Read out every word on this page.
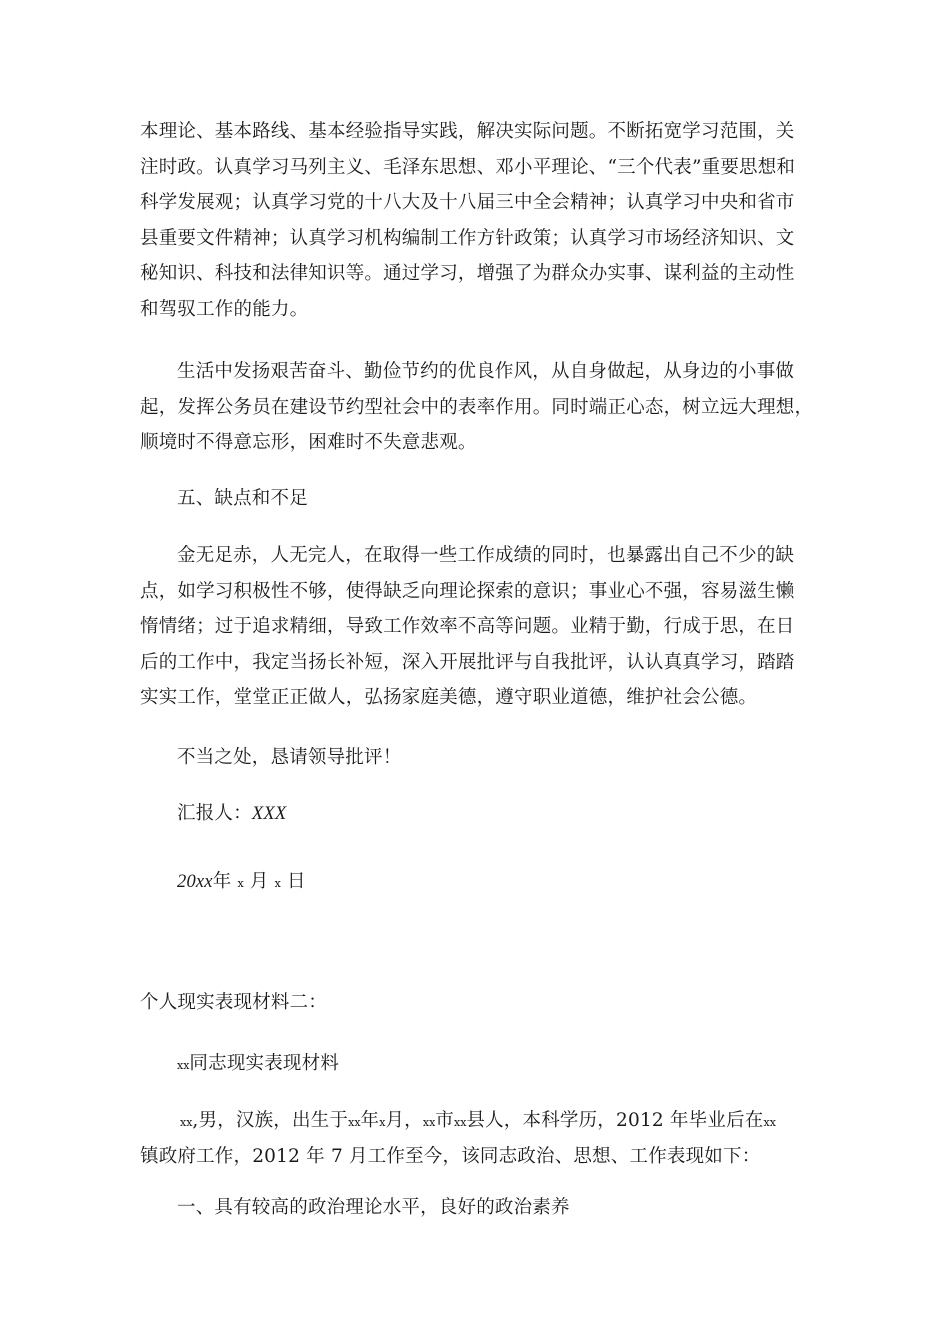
本理论、基本路线、基本经验指导实践，解决实际问题。不断拓宽学习范围，关
注时政。认真学习马列主义、毛泽东思想、邓小平理论、“三个代表”重要思想和
科学发展观；认真学习党的十八大及十八届三中全会精神；认真学习中央和省市
县重要文件精神；认真学习机构编制工作方针政策；认真学习市场经济知识、文
秘知识、科技和法律知识等。通过学习，增强了为群众办实事、谋利益的主动性
和驾驭工作的能力。
生活中发扬艰苦奋斗、勤俭节约的优良作风，从自身做起，从身边的小事做
起，发挥公务员在建设节约型社会中的表率作用。同时端正心态，树立远大理想，
顺境时不得意忘形，困难时不失意悲观。
五、缺点和不足
金无足赤，人无完人，在取得一些工作成绩的同时，也暴露出自己不少的缺
点，如学习积极性不够，使得缺乏向理论探索的意识；事业心不强，容易滋生懒
惰情绪；过于追求精细，导致工作效率不高等问题。业精于勤，行成于思，在日
后的工作中，我定当扬长补短，深入开展批评与自我批评，认认真真学习，踏踏
实实工作，堂堂正正做人，弘扬家庭美德，遵守职业道德，维护社会公德。
不当之处，恳请领导批评！
汇报人：XXX
20xx年 x 月 x 日
个人现实表现材料二：
xx同志现实表现材料
xx,男，汉族，出生于xx年x月，xx市xx县人，本科学历，2012 年毕业后在xx
镇政府工作，2012 年 7 月工作至今，该同志政治、思想、工作表现如下：
一、具有较高的政治理论水平，良好的政治素养
